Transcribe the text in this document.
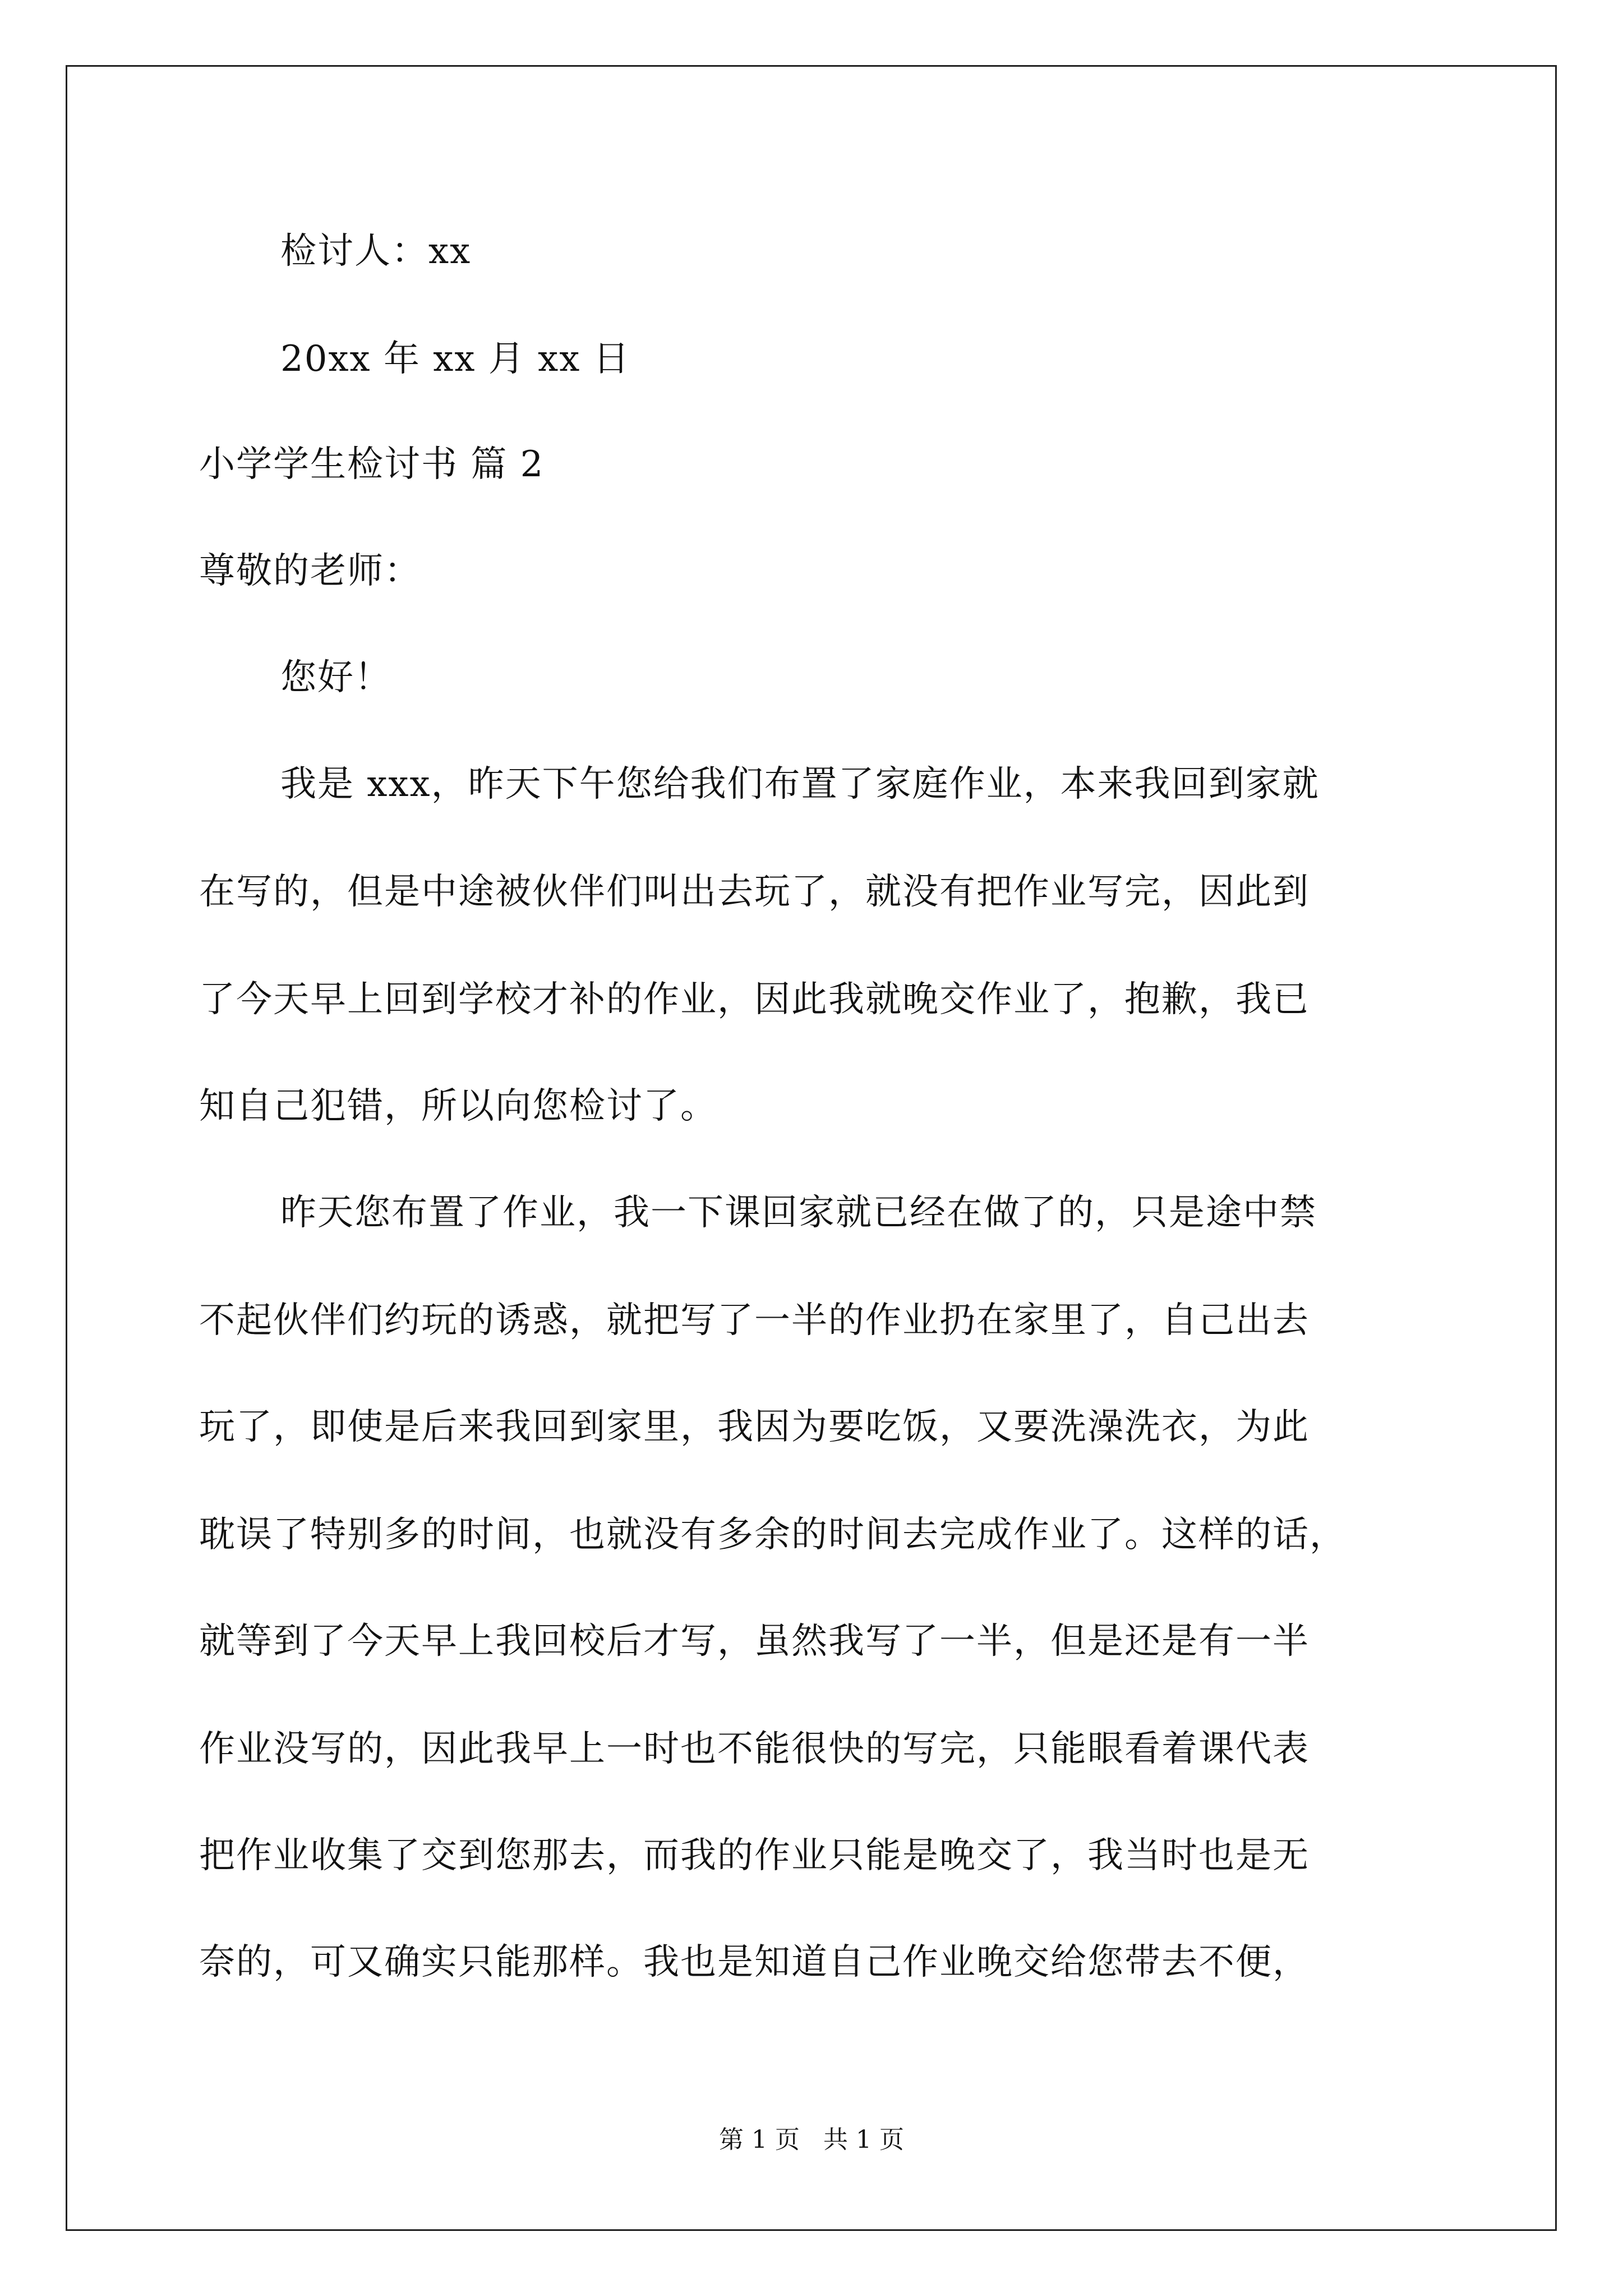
检讨人：xx
20xx 年 xx 月 xx 日
小学学生检讨书 篇 2
尊敬的老师：
您好！
我是 xxx，昨天下午您给我们布置了家庭作业，本来我回到家就
在写的，但是中途被伙伴们叫出去玩了，就没有把作业写完，因此到
了今天早上回到学校才补的作业，因此我就晚交作业了，抱歉，我已
知自己犯错，所以向您检讨了。
昨天您布置了作业，我一下课回家就已经在做了的，只是途中禁
不起伙伴们约玩的诱惑，就把写了一半的作业扔在家里了，自己出去
玩了，即使是后来我回到家里，我因为要吃饭，又要洗澡洗衣，为此
耽误了特别多的时间，也就没有多余的时间去完成作业了。这样的话，
就等到了今天早上我回校后才写，虽然我写了一半，但是还是有一半
作业没写的，因此我早上一时也不能很快的写完，只能眼看着课代表
把作业收集了交到您那去，而我的作业只能是晚交了，我当时也是无
奈的，可又确实只能那样。我也是知道自己作业晚交给您带去不便，
第 1 页   共 1 页
